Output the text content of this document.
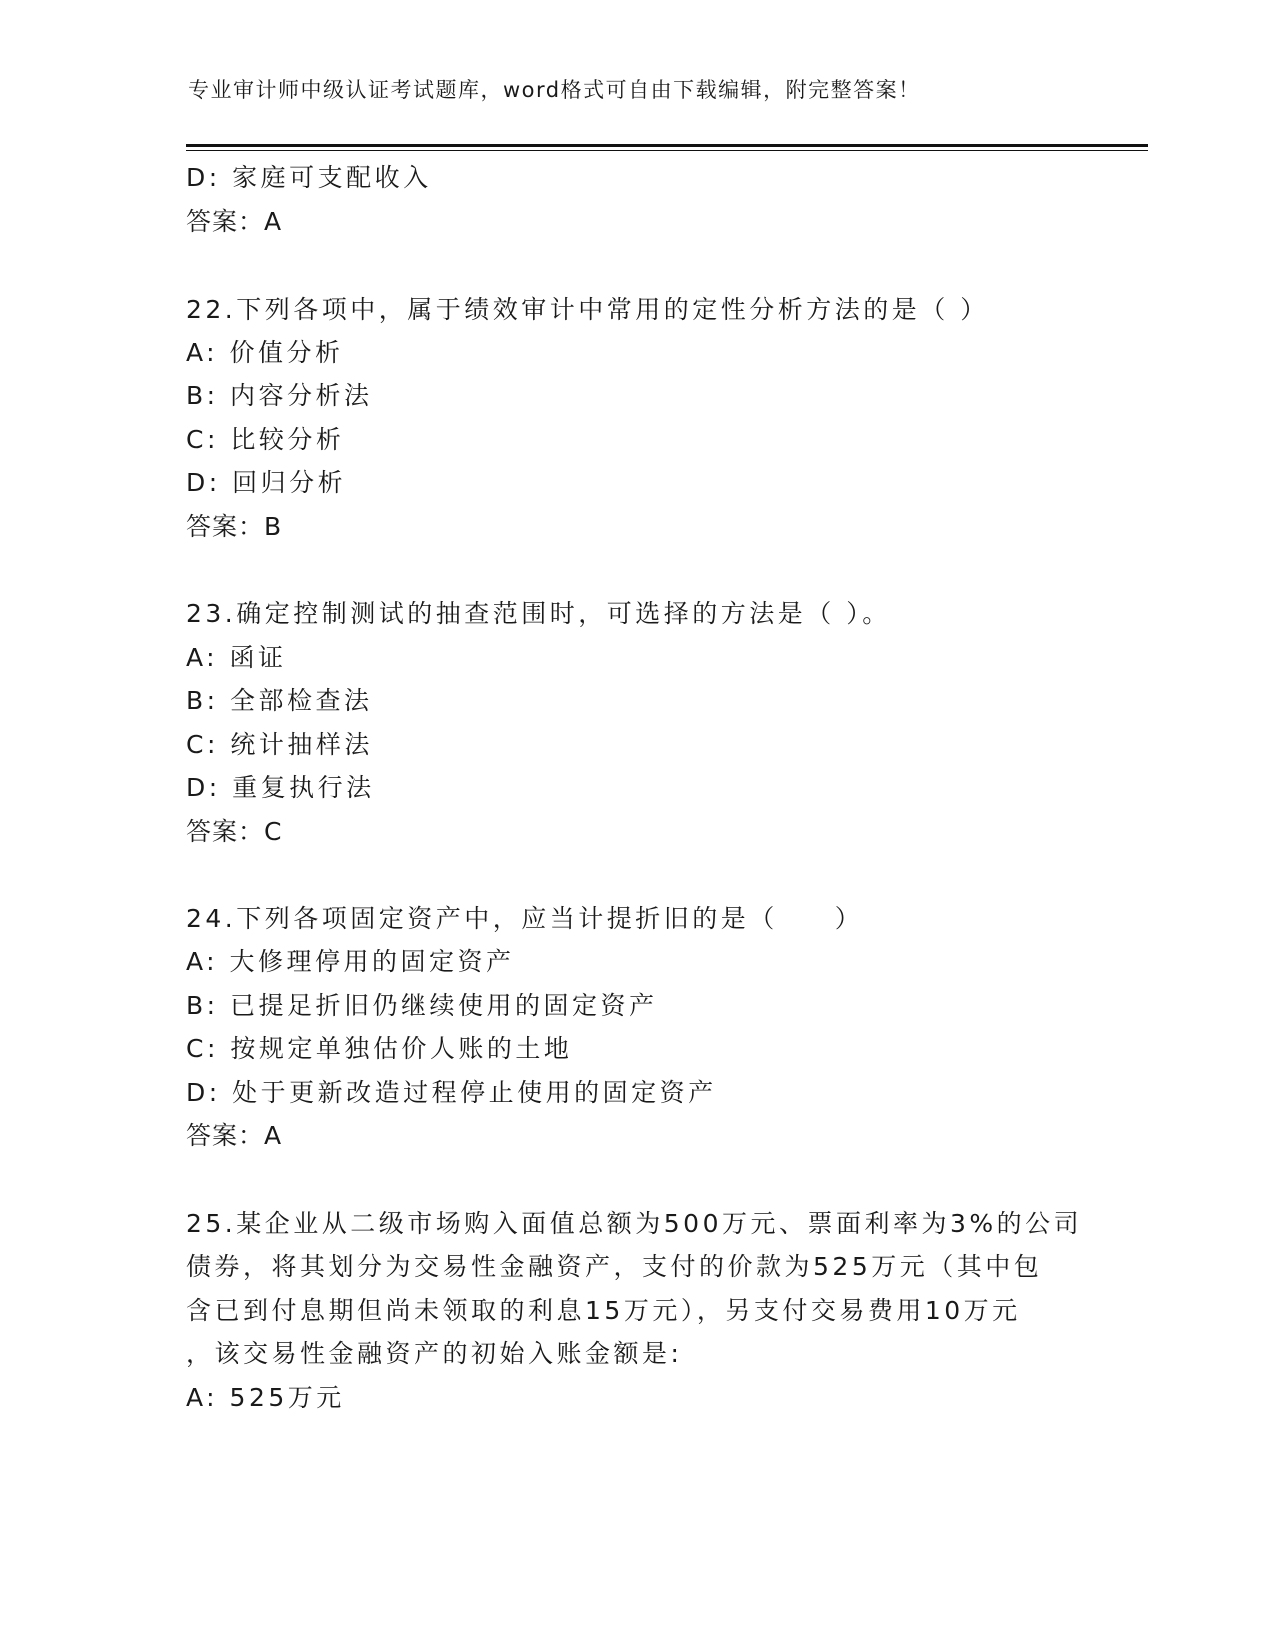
专业审计师中级认证考试题库，word格式可自由下载编辑，附完整答案！
D: 家庭可支配收入
答案：A
22.下列各项中，属于绩效审计中常用的定性分析方法的是（ ）
A: 价值分析
B: 内容分析法
C: 比较分析
D: 回归分析
答案：B
23.确定控制测试的抽查范围时，可选择的方法是（ ）。
A: 函证
B: 全部检查法
C: 统计抽样法
D: 重复执行法
答案：C
24.下列各项固定资产中，应当计提折旧的是（　　）
A: 大修理停用的固定资产
B: 已提足折旧仍继续使用的固定资产
C: 按规定单独估价人账的土地
D: 处于更新改造过程停止使用的固定资产
答案：A
25.某企业从二级市场购入面值总额为500万元、票面利率为3%的公司
债券，将其划分为交易性金融资产，支付的价款为525万元（其中包
含已到付息期但尚未领取的利息15万元），另支付交易费用10万元
，该交易性金融资产的初始入账金额是:
A: 525万元
